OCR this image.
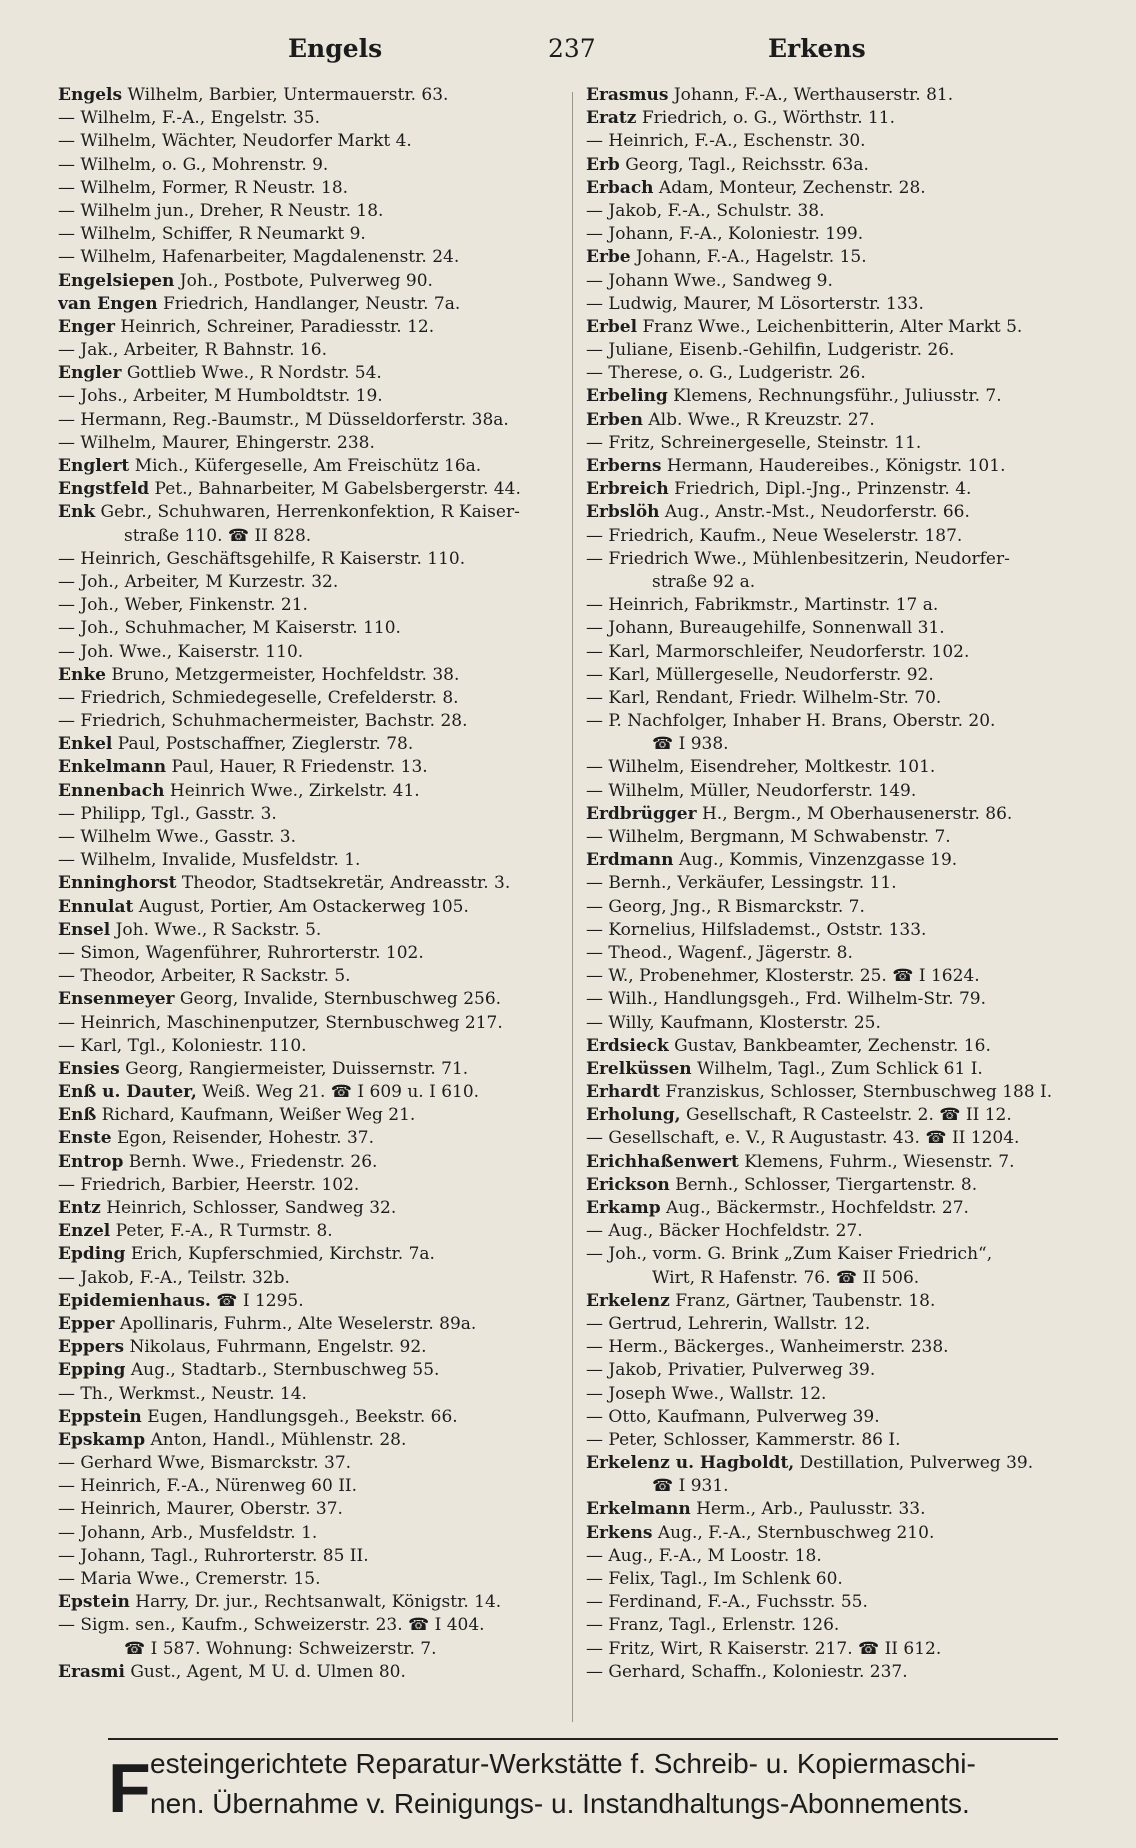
Engels	237	Erkens
Engels Wilhelm, Barbier, Untermauerstr. 63.
— Wilhelm, F.-A., Engelstr. 35.
— Wilhelm, Wächter, Neudorfer Markt 4.
— Wilhelm, o. G., Mohrenstr. 9.
— Wilhelm, Former, R Neustr. 18.
— Wilhelm jun., Dreher, R Neustr. 18.
— Wilhelm, Schiffer, R Neumarkt 9.
— Wilhelm, Hafenarbeiter, Magdalenenstr. 24.
Engelsiepen Joh., Postbote, Pulverweg 90.
van Engen Friedrich, Handlanger, Neustr. 7a.
Enger Heinrich, Schreiner, Paradiesstr. 12.
— Jak., Arbeiter, R Bahnstr. 16.
Engler Gottlieb Wwe., R Nordstr. 54.
— Johs., Arbeiter, M Humboldtstr. 19.
— Hermann, Reg.-Baumstr., M Düsseldorferstr. 38a.
— Wilhelm, Maurer, Ehingerstr. 238.
Englert Mich., Küfergeselle, Am Freischütz 16a.
Engstfeld Pet., Bahnarbeiter, M Gabelsbergerstr. 44.
Enk Gebr., Schuhwaren, Herrenkonfektion, R Kaiser-
straße 110. ☎ II 828.
— Heinrich, Geschäftsgehilfe, R Kaiserstr. 110.
— Joh., Arbeiter, M Kurzestr. 32.
— Joh., Weber, Finkenstr. 21.
— Joh., Schuhmacher, M Kaiserstr. 110.
— Joh. Wwe., Kaiserstr. 110.
Enke Bruno, Metzgermeister, Hochfeldstr. 38.
— Friedrich, Schmiedegeselle, Crefelderstr. 8.
— Friedrich, Schuhmachermeister, Bachstr. 28.
Enkel Paul, Postschaffner, Zieglerstr. 78.
Enkelmann Paul, Hauer, R Friedenstr. 13.
Ennenbach Heinrich Wwe., Zirkelstr. 41.
— Philipp, Tgl., Gasstr. 3.
— Wilhelm Wwe., Gasstr. 3.
— Wilhelm, Invalide, Musfeldstr. 1.
Enninghorst Theodor, Stadtsekretär, Andreasstr. 3.
Ennulat August, Portier, Am Ostackerweg 105.
Ensel Joh. Wwe., R Sackstr. 5.
— Simon, Wagenführer, Ruhrorterstr. 102.
— Theodor, Arbeiter, R Sackstr. 5.
Ensenmeyer Georg, Invalide, Sternbuschweg 256.
— Heinrich, Maschinenputzer, Sternbuschweg 217.
— Karl, Tgl., Koloniestr. 110.
Ensies Georg, Rangiermeister, Duissernstr. 71.
Enß u. Dauter, Weiß. Weg 21. ☎ I 609 u. I 610.
Enß Richard, Kaufmann, Weißer Weg 21.
Enste Egon, Reisender, Hohestr. 37.
Entrop Bernh. Wwe., Friedenstr. 26.
— Friedrich, Barbier, Heerstr. 102.
Entz Heinrich, Schlosser, Sandweg 32.
Enzel Peter, F.-A., R Turmstr. 8.
Epding Erich, Kupferschmied, Kirchstr. 7a.
— Jakob, F.-A., Teilstr. 32b.
Epidemienhaus. ☎ I 1295.
Epper Apollinaris, Fuhrm., Alte Weselerstr. 89a.
Eppers Nikolaus, Fuhrmann, Engelstr. 92.
Epping Aug., Stadtarb., Sternbuschweg 55.
— Th., Werkmst., Neustr. 14.
Eppstein Eugen, Handlungsgeh., Beekstr. 66.
Epskamp Anton, Handl., Mühlenstr. 28.
— Gerhard Wwe, Bismarckstr. 37.
— Heinrich, F.-A., Nürenweg 60 II.
— Heinrich, Maurer, Oberstr. 37.
— Johann, Arb., Musfeldstr. 1.
— Johann, Tagl., Ruhrorterstr. 85 II.
— Maria Wwe., Cremerstr. 15.
Epstein Harry, Dr. jur., Rechtsanwalt, Königstr. 14.
— Sigm. sen., Kaufm., Schweizerstr. 23. ☎ I 404.
☎ I 587. Wohnung: Schweizerstr. 7.
Erasmi Gust., Agent, M U. d. Ulmen 80.
Erasmus Johann, F.-A., Werthauserstr. 81.
Eratz Friedrich, o. G., Wörthstr. 11.
— Heinrich, F.-A., Eschenstr. 30.
Erb Georg, Tagl., Reichsstr. 63a.
Erbach Adam, Monteur, Zechenstr. 28.
— Jakob, F.-A., Schulstr. 38.
— Johann, F.-A., Koloniestr. 199.
Erbe Johann, F.-A., Hagelstr. 15.
— Johann Wwe., Sandweg 9.
— Ludwig, Maurer, M Lösorterstr. 133.
Erbel Franz Wwe., Leichenbitterin, Alter Markt 5.
— Juliane, Eisenb.-Gehilfin, Ludgeristr. 26.
— Therese, o. G., Ludgeristr. 26.
Erbeling Klemens, Rechnungsführ., Juliusstr. 7.
Erben Alb. Wwe., R Kreuzstr. 27.
— Fritz, Schreinergeselle, Steinstr. 11.
Erberns Hermann, Haudereibes., Königstr. 101.
Erbreich Friedrich, Dipl.-Jng., Prinzenstr. 4.
Erbslöh Aug., Anstr.-Mst., Neudorferstr. 66.
— Friedrich, Kaufm., Neue Weselerstr. 187.
— Friedrich Wwe., Mühlenbesitzerin, Neudorfer-
straße 92 a.
— Heinrich, Fabrikmstr., Martinstr. 17 a.
— Johann, Bureaugehilfe, Sonnenwall 31.
— Karl, Marmorschleifer, Neudorferstr. 102.
— Karl, Müllergeselle, Neudorferstr. 92.
— Karl, Rendant, Friedr. Wilhelm-Str. 70.
— P. Nachfolger, Inhaber H. Brans, Oberstr. 20.
☎ I 938.
— Wilhelm, Eisendreher, Moltkestr. 101.
— Wilhelm, Müller, Neudorferstr. 149.
Erdbrügger H., Bergm., M Oberhausenerstr. 86.
— Wilhelm, Bergmann, M Schwabenstr. 7.
Erdmann Aug., Kommis, Vinzenzgasse 19.
— Bernh., Verkäufer, Lessingstr. 11.
— Georg, Jng., R Bismarckstr. 7.
— Kornelius, Hilfslademst., Oststr. 133.
— Theod., Wagenf., Jägerstr. 8.
— W., Probenehmer, Klosterstr. 25. ☎ I 1624.
— Wilh., Handlungsgeh., Frd. Wilhelm-Str. 79.
— Willy, Kaufmann, Klosterstr. 25.
Erdsieck Gustav, Bankbeamter, Zechenstr. 16.
Erelküssen Wilhelm, Tagl., Zum Schlick 61 I.
Erhardt Franziskus, Schlosser, Sternbuschweg 188 I.
Erholung, Gesellschaft, R Casteelstr. 2. ☎ II 12.
— Gesellschaft, e. V., R Augustastr. 43. ☎ II 1204.
Erichhaßenwert Klemens, Fuhrm., Wiesenstr. 7.
Erickson Bernh., Schlosser, Tiergartenstr. 8.
Erkamp Aug., Bäckermstr., Hochfeldstr. 27.
— Aug., Bäcker Hochfeldstr. 27.
— Joh., vorm. G. Brink „Zum Kaiser Friedrich“,
Wirt, R Hafenstr. 76. ☎ II 506.
Erkelenz Franz, Gärtner, Taubenstr. 18.
— Gertrud, Lehrerin, Wallstr. 12.
— Herm., Bäckerges., Wanheimerstr. 238.
— Jakob, Privatier, Pulverweg 39.
— Joseph Wwe., Wallstr. 12.
— Otto, Kaufmann, Pulverweg 39.
— Peter, Schlosser, Kammerstr. 86 I.
Erkelenz u. Hagboldt, Destillation, Pulverweg 39.
☎ I 931.
Erkelmann Herm., Arb., Paulusstr. 33.
Erkens Aug., F.-A., Sternbuschweg 210.
— Aug., F.-A., M Loostr. 18.
— Felix, Tagl., Im Schlenk 60.
— Ferdinand, F.-A., Fuchsstr. 55.
— Franz, Tagl., Erlenstr. 126.
— Fritz, Wirt, R Kaiserstr. 217. ☎ II 612.
— Gerhard, Schaffn., Koloniestr. 237.
F esteingerichtete Reparatur-Werkstätte f. Schreib- u. Kopiermaschi-
nen. Übernahme v. Reinigungs- u. Instandhaltungs-Abonnements.
